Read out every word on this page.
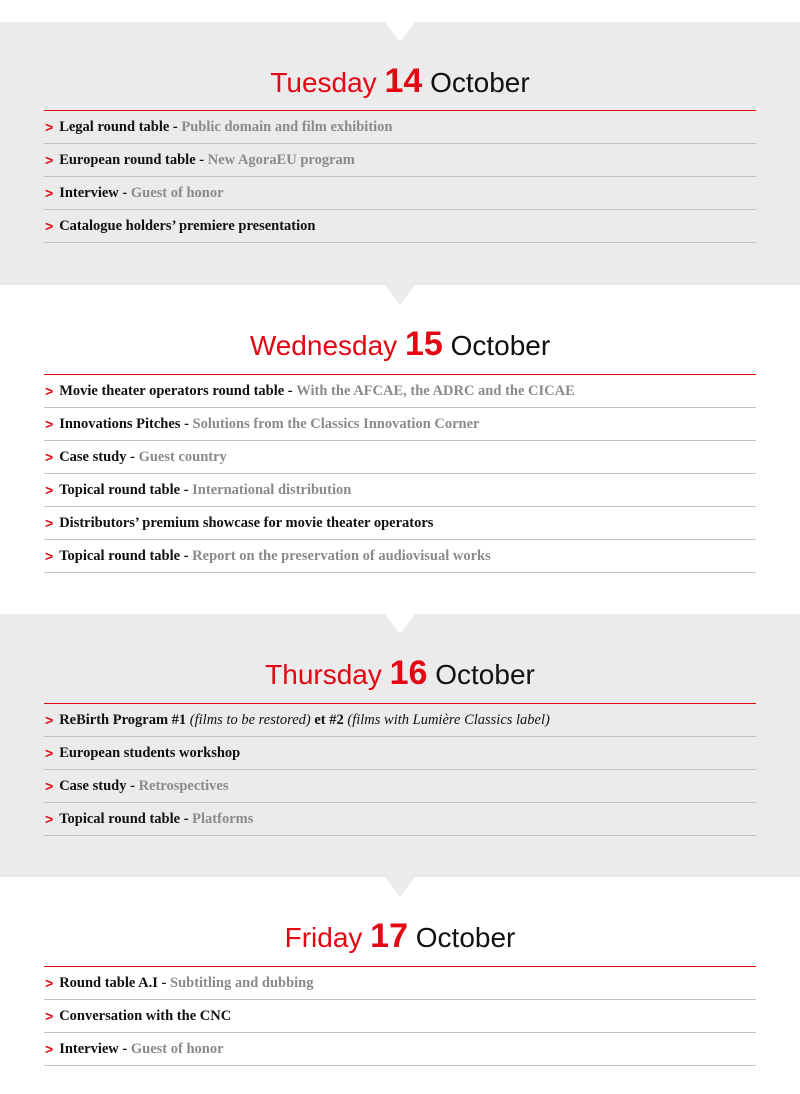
Tuesday 14 October
> Legal round table - Public domain and film exhibition
> European round table - New AgoraEU program
> Interview - Guest of honor
> Catalogue holders’ premiere presentation
Wednesday 15 October
> Movie theater operators round table - With the AFCAE, the ADRC and the CICAE
> Innovations Pitches - Solutions from the Classics Innovation Corner
> Case study - Guest country
> Topical round table - International distribution
> Distributors’ premium showcase for movie theater operators
> Topical round table - Report on the preservation of audiovisual works
Thursday 16 October
> ReBirth Program #1 (films to be restored) et #2 (films with Lumière Classics label)
> European students workshop
> Case study - Retrospectives
> Topical round table - Platforms
Friday 17 October
> Round table A.I - Subtitling and dubbing
> Conversation with the CNC
> Interview - Guest of honor
